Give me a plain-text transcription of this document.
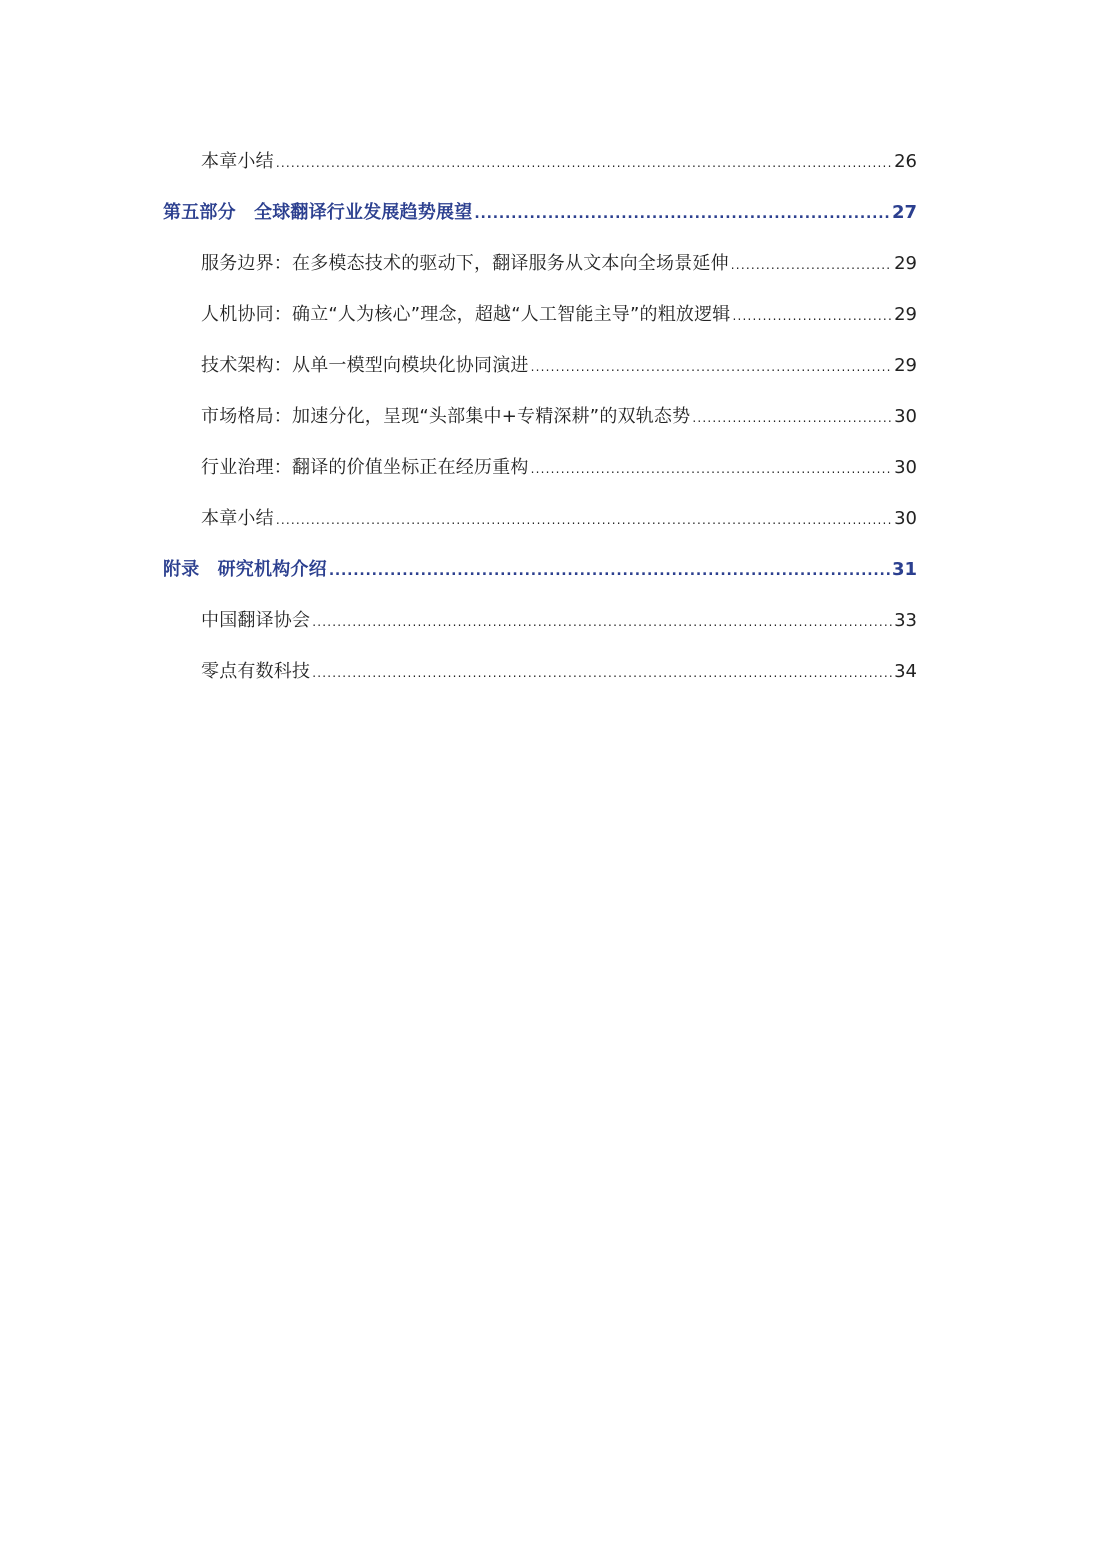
本章小结 .....	26
第五部分　全球翻译行业发展趋势展望 .....	27
服务边界：在多模态技术的驱动下，翻译服务从文本向全场景延伸 .....	29
人机协同：确立“人为核心”理念，超越“人工智能主导”的粗放逻辑 .....	29
技术架构：从单一模型向模块化协同演进 .....	29
市场格局：加速分化，呈现“头部集中+专精深耕”的双轨态势 .....	30
行业治理：翻译的价值坐标正在经历重构 .....	30
本章小结 .....	30
附录　研究机构介绍 .....	31
中国翻译协会 .....	33
零点有数科技 .....	34
